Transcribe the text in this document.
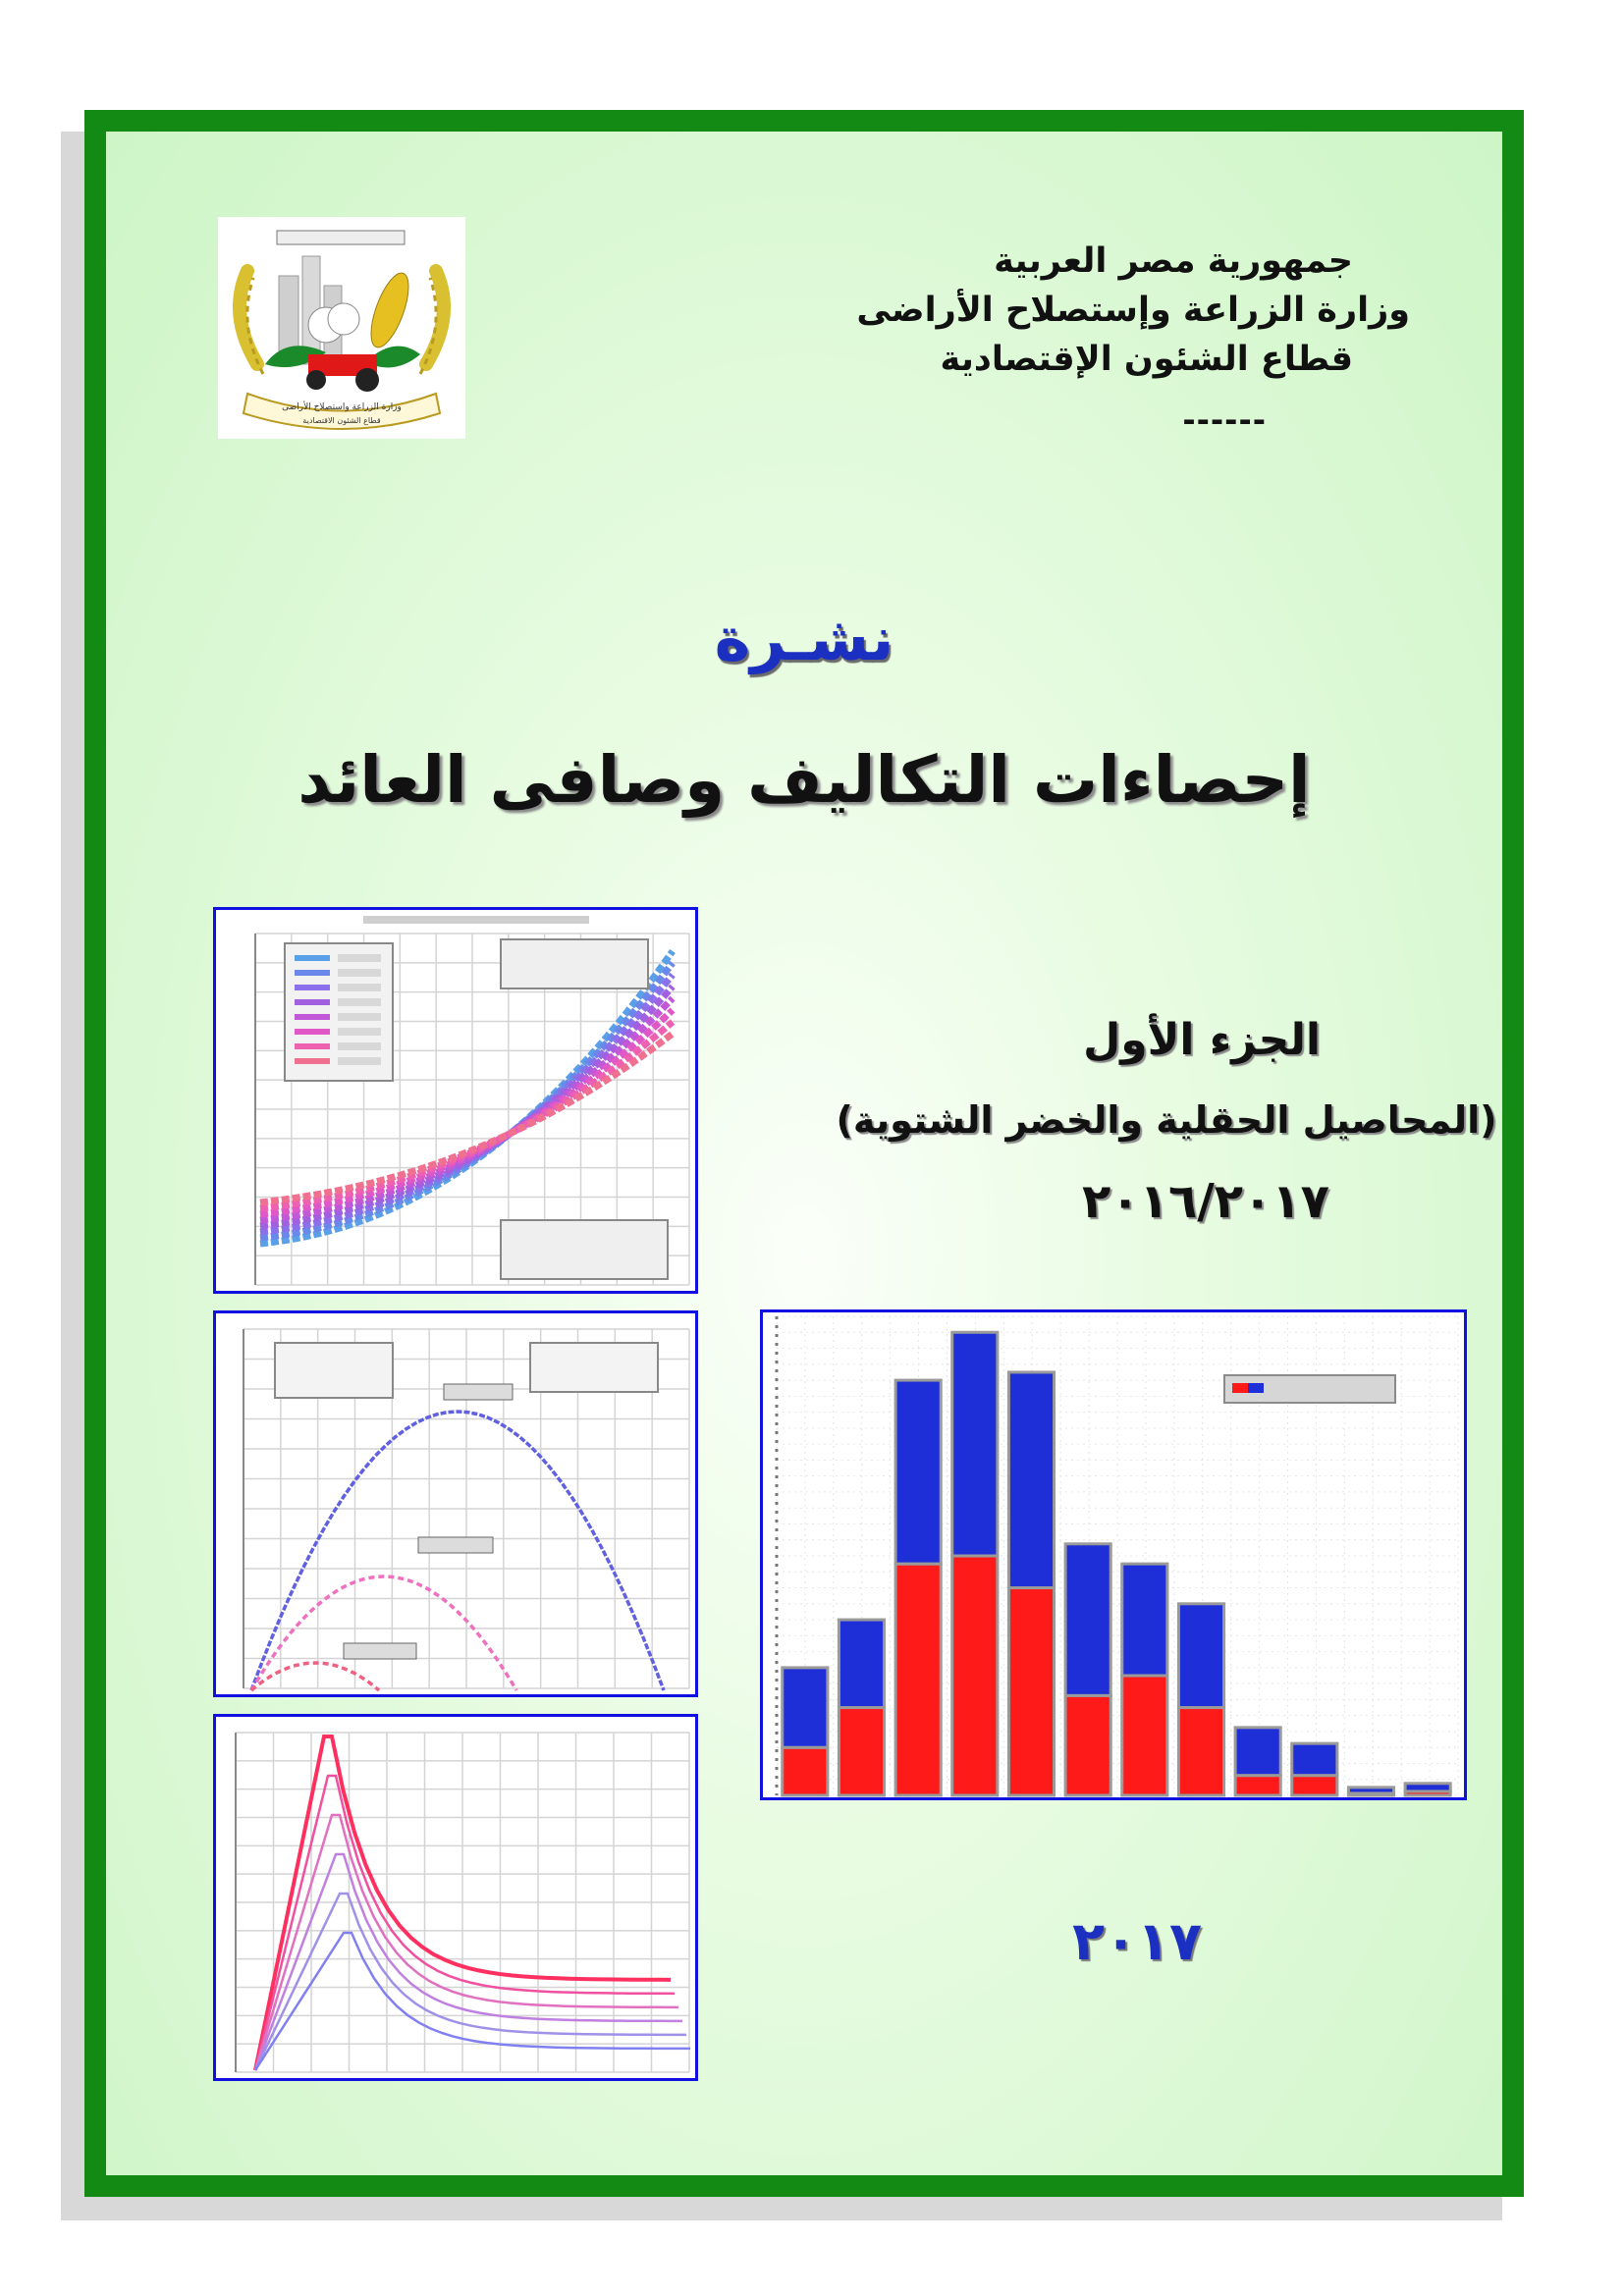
وزارة الزراعة واستصلاح الأراضى
قطاع الشئون الاقتصادية
جمهورية مصر العربية
وزارة الزراعة وإستصلاح الأراضى
قطاع الشئون الإقتصادية
------
نشـرة
إحصاءات التكاليف وصافى العائد
الجزء الأول
(المحاصيل الحقلية والخضر الشتوية)
٢٠١٦/٢٠١٧
٢٠١٧
